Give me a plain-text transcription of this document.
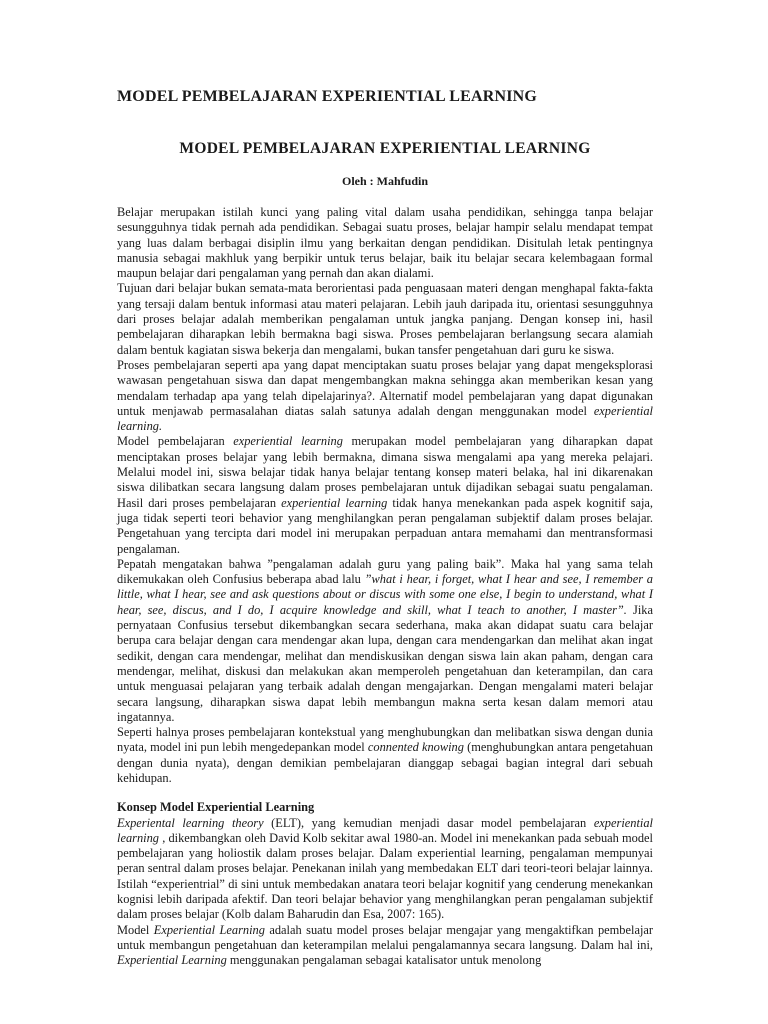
MODEL PEMBELAJARAN EXPERIENTIAL LEARNING
MODEL PEMBELAJARAN EXPERIENTIAL LEARNING

Oleh : Mahfudin

Belajar merupakan istilah kunci yang paling vital dalam usaha pendidikan, sehingga tanpa belajar sesungguhnya tidak pernah ada pendidikan. Sebagai suatu proses, belajar hampir selalu mendapat tempat yang luas dalam berbagai disiplin ilmu yang berkaitan dengan pendidikan. Disitulah letak pentingnya manusia sebagai makhluk yang berpikir untuk terus belajar, baik itu belajar secara kelembagaan formal maupun belajar dari pengalaman yang pernah dan akan dialami.

Tujuan dari belajar bukan semata-mata berorientasi pada penguasaan materi dengan menghapal fakta-fakta yang tersaji dalam bentuk informasi atau materi pelajaran. Lebih jauh daripada itu, orientasi sesungguhnya dari proses belajar adalah memberikan pengalaman untuk jangka panjang. Dengan konsep ini, hasil pembelajaran diharapkan lebih bermakna bagi siswa. Proses pembelajaran berlangsung secara alamiah dalam bentuk kagiatan siswa bekerja dan mengalami, bukan tansfer pengetahuan dari guru ke siswa.

Proses pembelajaran seperti apa yang dapat menciptakan suatu proses belajar yang dapat mengeksplorasi wawasan pengetahuan siswa dan dapat mengembangkan makna sehingga akan memberikan kesan yang mendalam terhadap apa yang telah dipelajarinya?. Alternatif model pembelajaran yang dapat digunakan untuk menjawab permasalahan diatas salah satunya adalah dengan menggunakan model experiential learning.

Model pembelajaran experiential learning merupakan model pembelajaran yang diharapkan dapat menciptakan proses belajar yang lebih bermakna, dimana siswa mengalami apa yang mereka pelajari. Melalui model ini, siswa belajar tidak hanya belajar tentang konsep materi belaka, hal ini dikarenakan siswa dilibatkan secara langsung dalam proses pembelajaran untuk dijadikan sebagai suatu pengalaman. Hasil dari proses pembelajaran experiential learning tidak hanya menekankan pada aspek kognitif saja, juga tidak seperti teori behavior yang menghilangkan peran pengalaman subjektif dalam proses belajar. Pengetahuan yang tercipta dari model ini merupakan perpaduan antara memahami dan mentransformasi pengalaman.

Pepatah mengatakan bahwa ”pengalaman adalah guru yang paling baik”. Maka hal yang sama telah dikemukakan oleh Confusius beberapa abad lalu ”what i hear, i forget, what I hear and see, I remember a little, what I hear, see and ask questions about or discus with some one else, I begin to understand, what I hear, see, discus, and I do, I acquire knowledge and skill, what I teach to another, I master”. Jika pernyataan Confusius tersebut dikembangkan secara sederhana, maka akan didapat suatu cara belajar berupa cara belajar dengan cara mendengar akan lupa, dengan cara mendengarkan dan melihat akan ingat sedikit, dengan cara mendengar, melihat dan mendiskusikan dengan siswa lain akan paham, dengan cara mendengar, melihat, diskusi dan melakukan akan memperoleh pengetahuan dan keterampilan, dan cara untuk menguasai pelajaran yang terbaik adalah dengan mengajarkan. Dengan mengalami materi belajar secara langsung, diharapkan siswa dapat lebih membangun makna serta kesan dalam memori atau ingatannya.

Seperti halnya proses pembelajaran kontekstual yang menghubungkan dan melibatkan siswa dengan dunia nyata, model ini pun lebih mengedepankan model connented knowing (menghubungkan antara pengetahuan dengan dunia nyata), dengan demikian pembelajaran dianggap sebagai bagian integral dari sebuah kehidupan.

Konsep Model Experiential Learning

Experiental learning theory (ELT), yang kemudian menjadi dasar model pembelajaran experiential learning , dikembangkan oleh David Kolb sekitar awal 1980-an. Model ini menekankan pada sebuah model pembelajaran yang holiostik dalam proses belajar. Dalam experiential learning, pengalaman mempunyai peran sentral dalam proses belajar. Penekanan inilah yang membedakan ELT dari teori-teori belajar lainnya. Istilah “experientrial” di sini untuk membedakan anatara teori belajar kognitif yang cenderung menekankan kognisi lebih daripada afektif. Dan teori belajar behavior yang menghilangkan peran pengalaman subjektif dalam proses belajar (Kolb dalam Baharudin dan Esa, 2007: 165).

Model Experiential Learning adalah suatu model proses belajar mengajar yang mengaktifkan pembelajar untuk membangun pengetahuan dan keterampilan melalui pengalamannya secara langsung. Dalam hal ini, Experiential Learning menggunakan pengalaman sebagai katalisator untuk menolong
